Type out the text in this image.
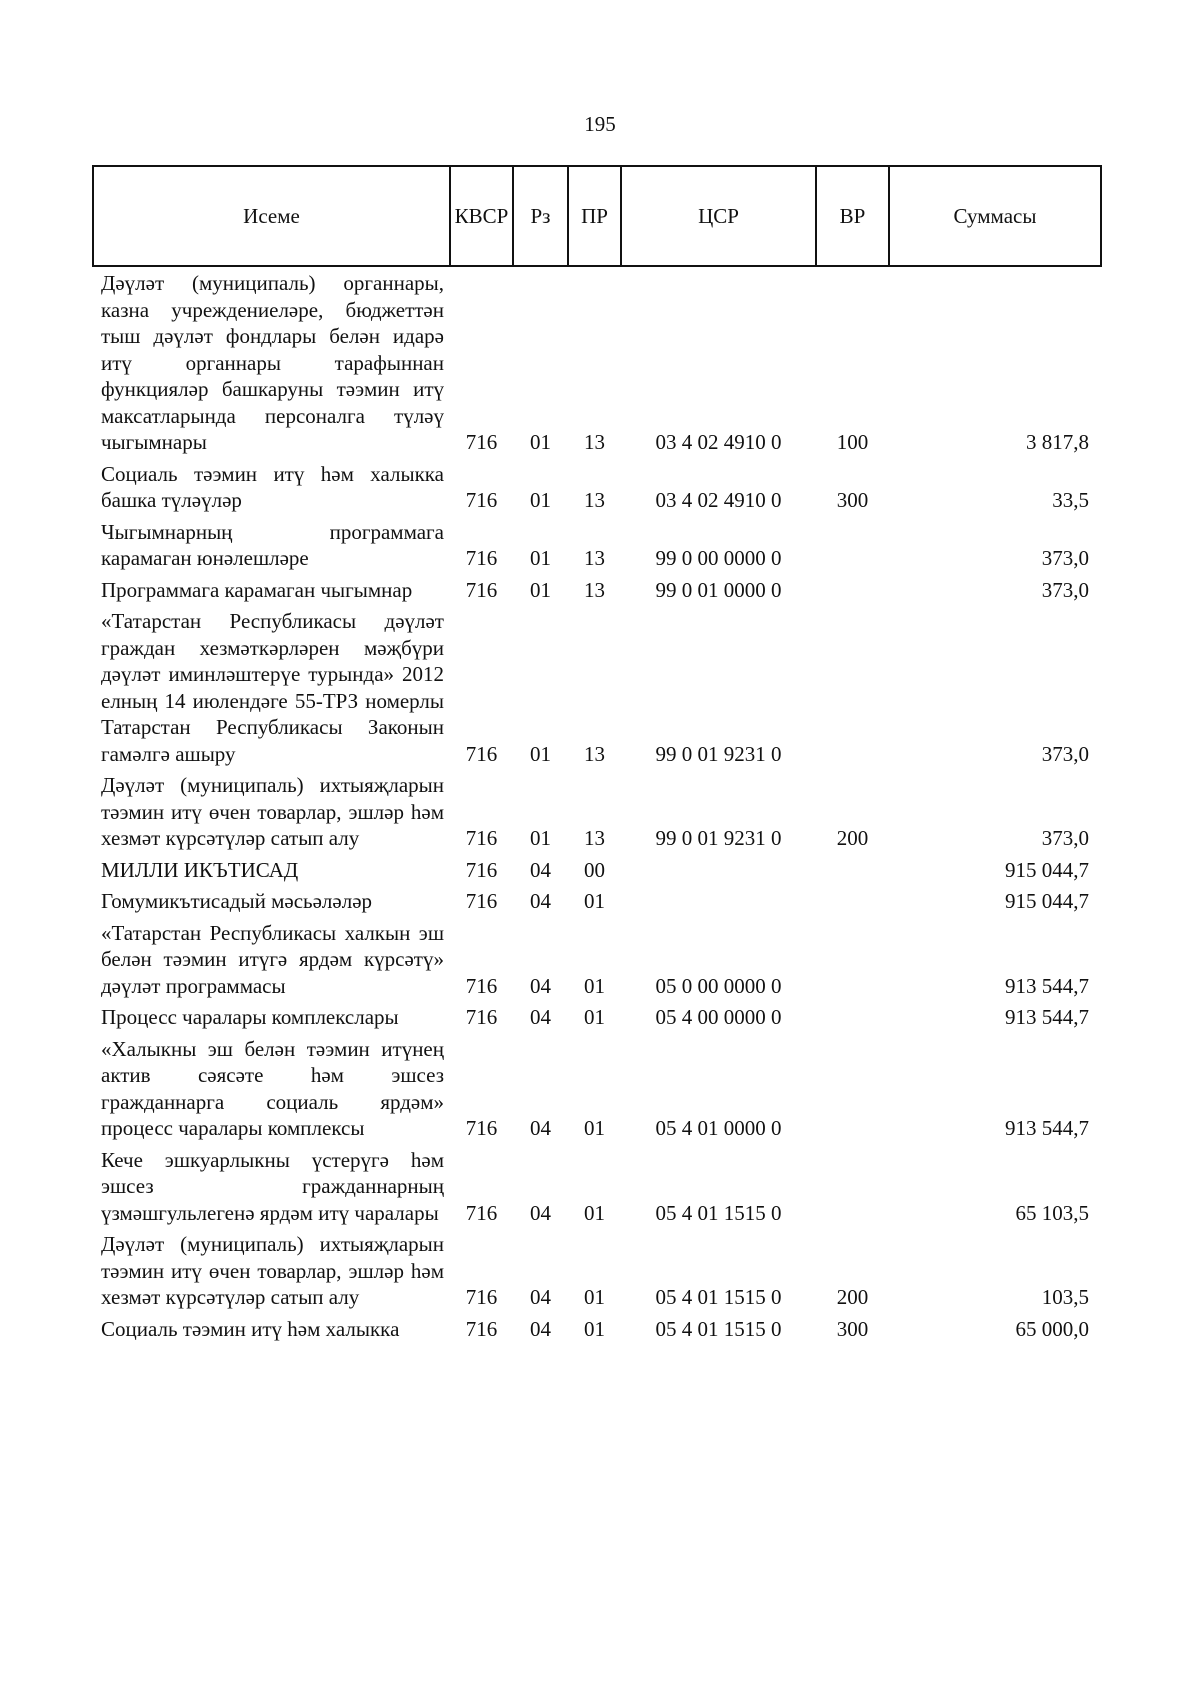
195
Исеме	КВСР	Рз	ПР	ЦСР	ВР	Суммасы
Дәүләт (муниципаль) органнары, казна учреждениеләре, бюджеттән тыш дәүләт фондлары белән идарә итү органнары тарафыннан функцияләр башкаруны тәэмин итү максатларында персоналга түләү чыгымнары	716	01	13	03 4 02 4910 0	100	3 817,8
Социаль тәэмин итү һәм халыкка башка түләүләр	716	01	13	03 4 02 4910 0	300	33,5
Чыгымнарның программага карамаган юнәлешләре	716	01	13	99 0 00 0000 0		373,0
Программага карамаган чыгымнар	716	01	13	99 0 01 0000 0		373,0
«Татарстан Республикасы дәүләт граждан хезмәткәрләрен мәҗбүри дәүләт иминләштерүе турында» 2012 елның 14 июлендәге 55-ТРЗ номерлы Татарстан Республикасы Законын гамәлгә ашыру	716	01	13	99 0 01 9231 0		373,0
Дәүләт (муниципаль) ихтыяҗларын тәэмин итү өчен товарлар, эшләр һәм хезмәт күрсәтүләр сатып алу	716	01	13	99 0 01 9231 0	200	373,0
МИЛЛИ ИКЪТИСАД	716	04	00			915 044,7
Гомумикътисадый мәсьәләләр	716	04	01			915 044,7
«Татарстан Республикасы халкын эш белән тәэмин итүгә ярдәм күрсәтү» дәүләт программасы	716	04	01	05 0 00 0000 0		913 544,7
Процесс чаралары комплекслары	716	04	01	05 4 00 0000 0		913 544,7
«Халыкны эш белән тәэмин итүнең актив сәясәте һәм эшсез гражданнарга социаль ярдәм» процесс чаралары комплексы	716	04	01	05 4 01 0000 0		913 544,7
Кече эшкуарлыкны үстерүгә һәм эшсез гражданнарның үзмәшгульлегенә ярдәм итү чаралары	716	04	01	05 4 01 1515 0		65 103,5
Дәүләт (муниципаль) ихтыяҗларын тәэмин итү өчен товарлар, эшләр һәм хезмәт күрсәтүләр сатып алу	716	04	01	05 4 01 1515 0	200	103,5
Социаль тәэмин итү һәм халыкка	716	04	01	05 4 01 1515 0	300	65 000,0
